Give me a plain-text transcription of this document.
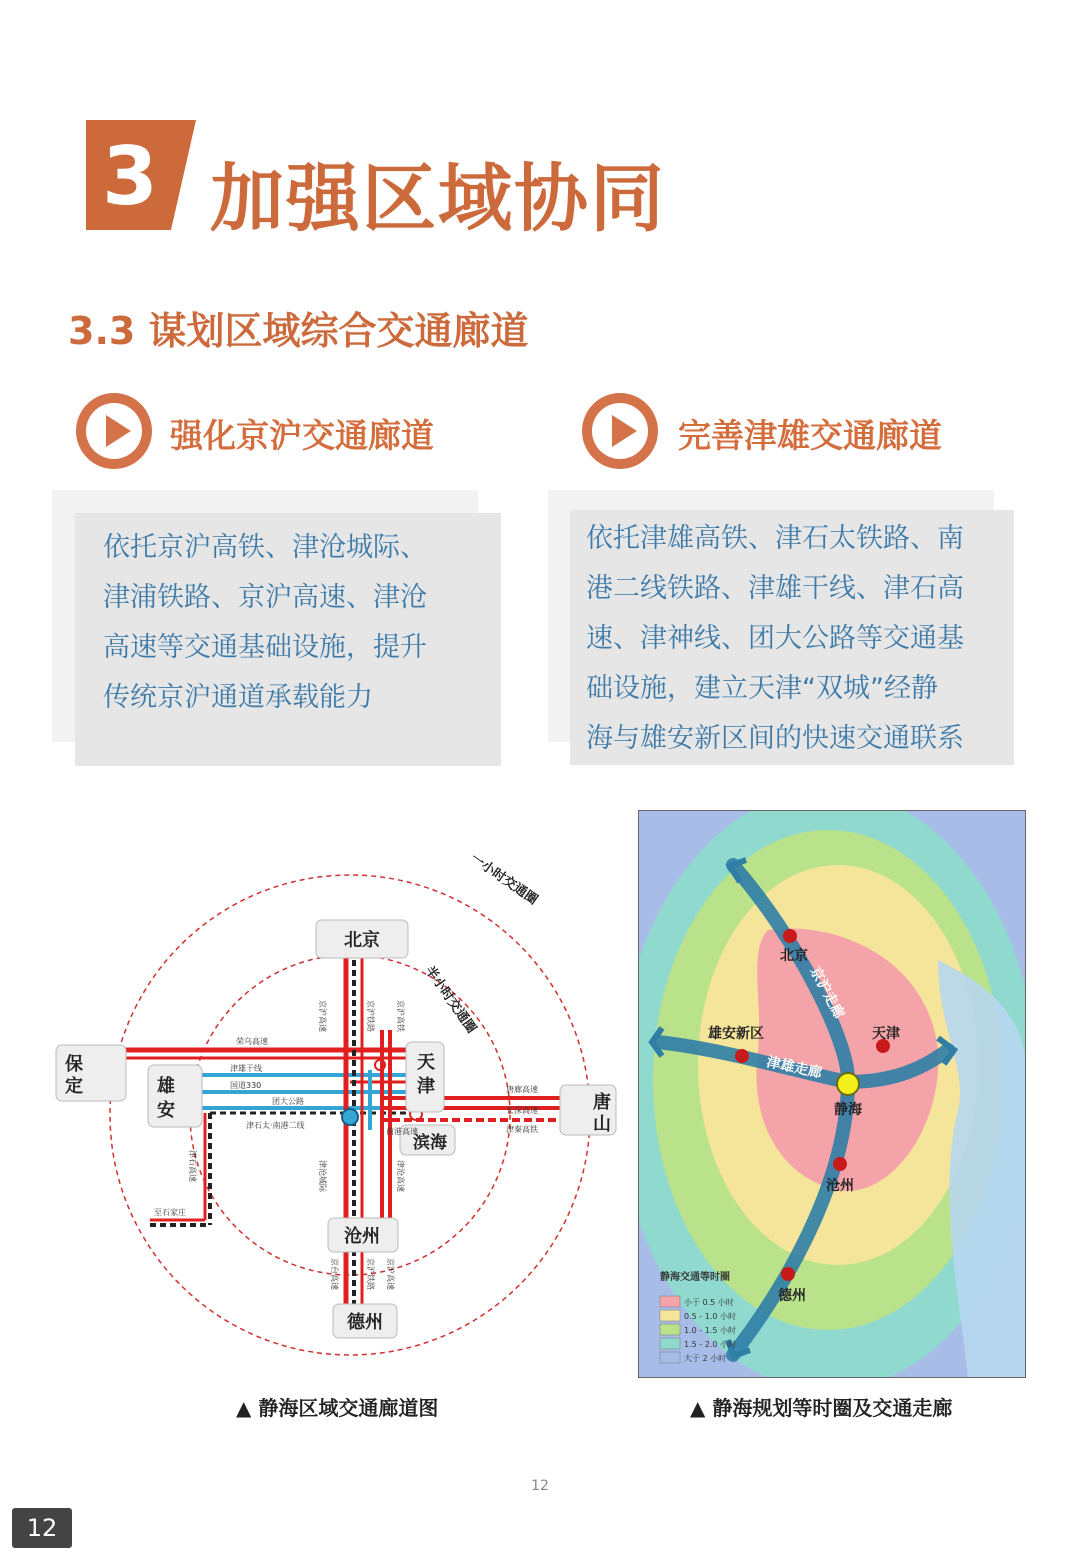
3 加强区域协同
3.3 谋划区域综合交通廊道
强化京沪交通廊道
依托京沪高铁、津沧城际、
津浦铁路、京沪高速、津沧
高速等交通基础设施，提升
传统京沪通道承载能力
完善津雄交通廊道
依托津雄高铁、津石太铁路、南
港二线铁路、津雄干线、津石高
速、津神线、团大公路等交通基
础设施，建立天津“双城”经静
海与雄安新区间的快速交通联系
北京
天
津
保
定	雄
安	唐
山
滨海
沧州
德州
一小时交通圈
半小时交通圈
荣乌高速
津雄干线
国道330
团大公路
津石太·南港二线
唐廊高速
长深高速
津秦高铁
南港高速
至石家庄
京沪高速	京沪铁路	京沪高铁
津沧城际	津沧高速
津石高速
京台高速	京沪铁路 京沪高速
▲ 静海区域交通廊道图
京沪走廊
津雄走廊
北京
天津
雄安新区
静海
沧州
德州
静海交通等时圈
小于 0.5 小时
0.5 - 1.0 小时
1.0 - 1.5 小时
1.5 - 2.0 小时
大于 2 小时
▲ 静海规划等时圈及交通走廊
12
12
